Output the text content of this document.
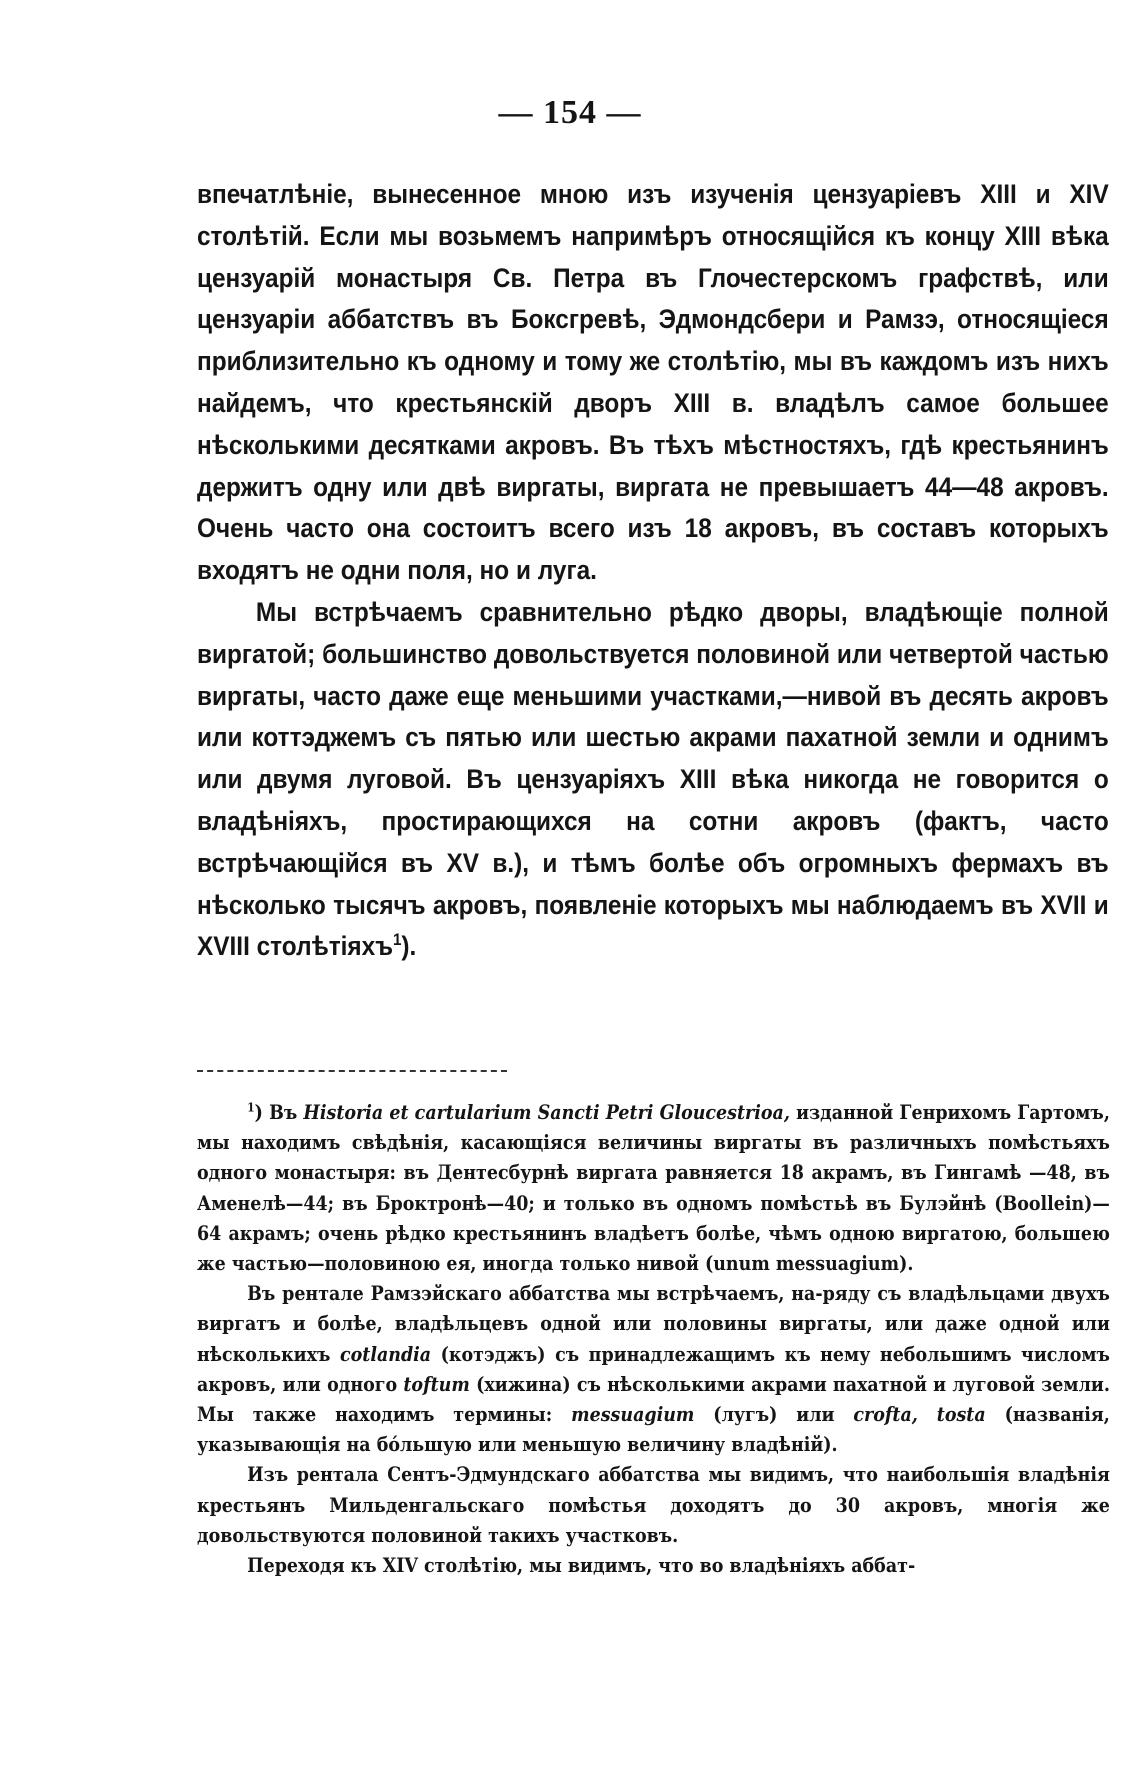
— 154 —

впечатлѣніе, вынесенное мною изъ изученія цензуаріевъ XIII и XIV столѣтій. Если мы возьмемъ напримѣръ относящійся къ концу XIII вѣка цензуарій монастыря Св. Петра въ Глочестерскомъ графствѣ, или цензуаріи аббатствъ въ Боксгревѣ, Эдмондсбери и Рамзэ, относящіеся приблизительно къ одному и тому же столѣтію, мы въ каждомъ изъ нихъ найдемъ, что крестьянскій дворъ XIII в. владѣлъ самое большее нѣсколькими десятками акровъ. Въ тѣхъ мѣстностяхъ, гдѣ крестьянинъ держитъ одну или двѣ виргаты, виргата не превышаетъ 44—48 акровъ. Очень часто она состоитъ всего изъ 18 акровъ, въ составъ которыхъ входятъ не одни поля, но и луга.

Мы встрѣчаемъ сравнительно рѣдко дворы, владѣющіе полной виргатой; большинство довольствуется половиной или четвертой частью виргаты, часто даже еще меньшими участками,—нивой въ десять акровъ или коттэджемъ съ пятью или шестью акрами пахатной земли и однимъ или двумя луговой. Въ цензуаріяхъ XIII вѣка никогда не говорится о владѣніяхъ, простирающихся на сотни акровъ (фактъ, часто встрѣчающійся въ XV в.), и тѣмъ болѣе объ огромныхъ фермахъ въ нѣсколько тысячъ акровъ, появленіе которыхъ мы наблюдаемъ въ XVII и XVIII столѣтіяхъ$^1$).

$^1$) Въ Historia et cartularium Sancti Petri Gloucestrioa, изданной Генрихомъ Гартомъ, мы находимъ свѣдѣнія, касающіяся величины виргаты въ различныхъ помѣстьяхъ одного монастыря: въ Дентесбурнѣ виргата равняется 18 акрамъ, въ Гингамѣ —48, въ Аменелѣ—44; въ Броктронѣ—40; и только въ одномъ помѣстьѣ въ Булэйнѣ (Boollein)—64 акрамъ; очень рѣдко крестьянинъ владѣетъ болѣе, чѣмъ одною виргатою, большею же частью—половиною ея, иногда только нивой (unum messuagium).

Въ рентале Рамзэйскаго аббатства мы встрѣчаемъ, на-ряду съ владѣльцами двухъ виргатъ и болѣе, владѣльцевъ одной или половины виргаты, или даже одной или нѣсколькихъ cotlandia (котэджъ) съ принадлежащимъ къ нему небольшимъ числомъ акровъ, или одного toftum (хижина) съ нѣсколькими акрами пахатной и луговой земли. Мы также находимъ термины: messuagium (лугъ) или crofta, tosta (названія, указывающія на бо́льшую или меньшую величину владѣній).

Изъ рентала Сентъ-Эдмундскаго аббатства мы видимъ, что наибольшія владѣнія крестьянъ Мильденгальскаго помѣстья доходятъ до 30 акровъ, многія же довольствуются половиной такихъ участковъ.

Переходя къ XIV столѣтію, мы видимъ, что во владѣніяхъ аббат-
